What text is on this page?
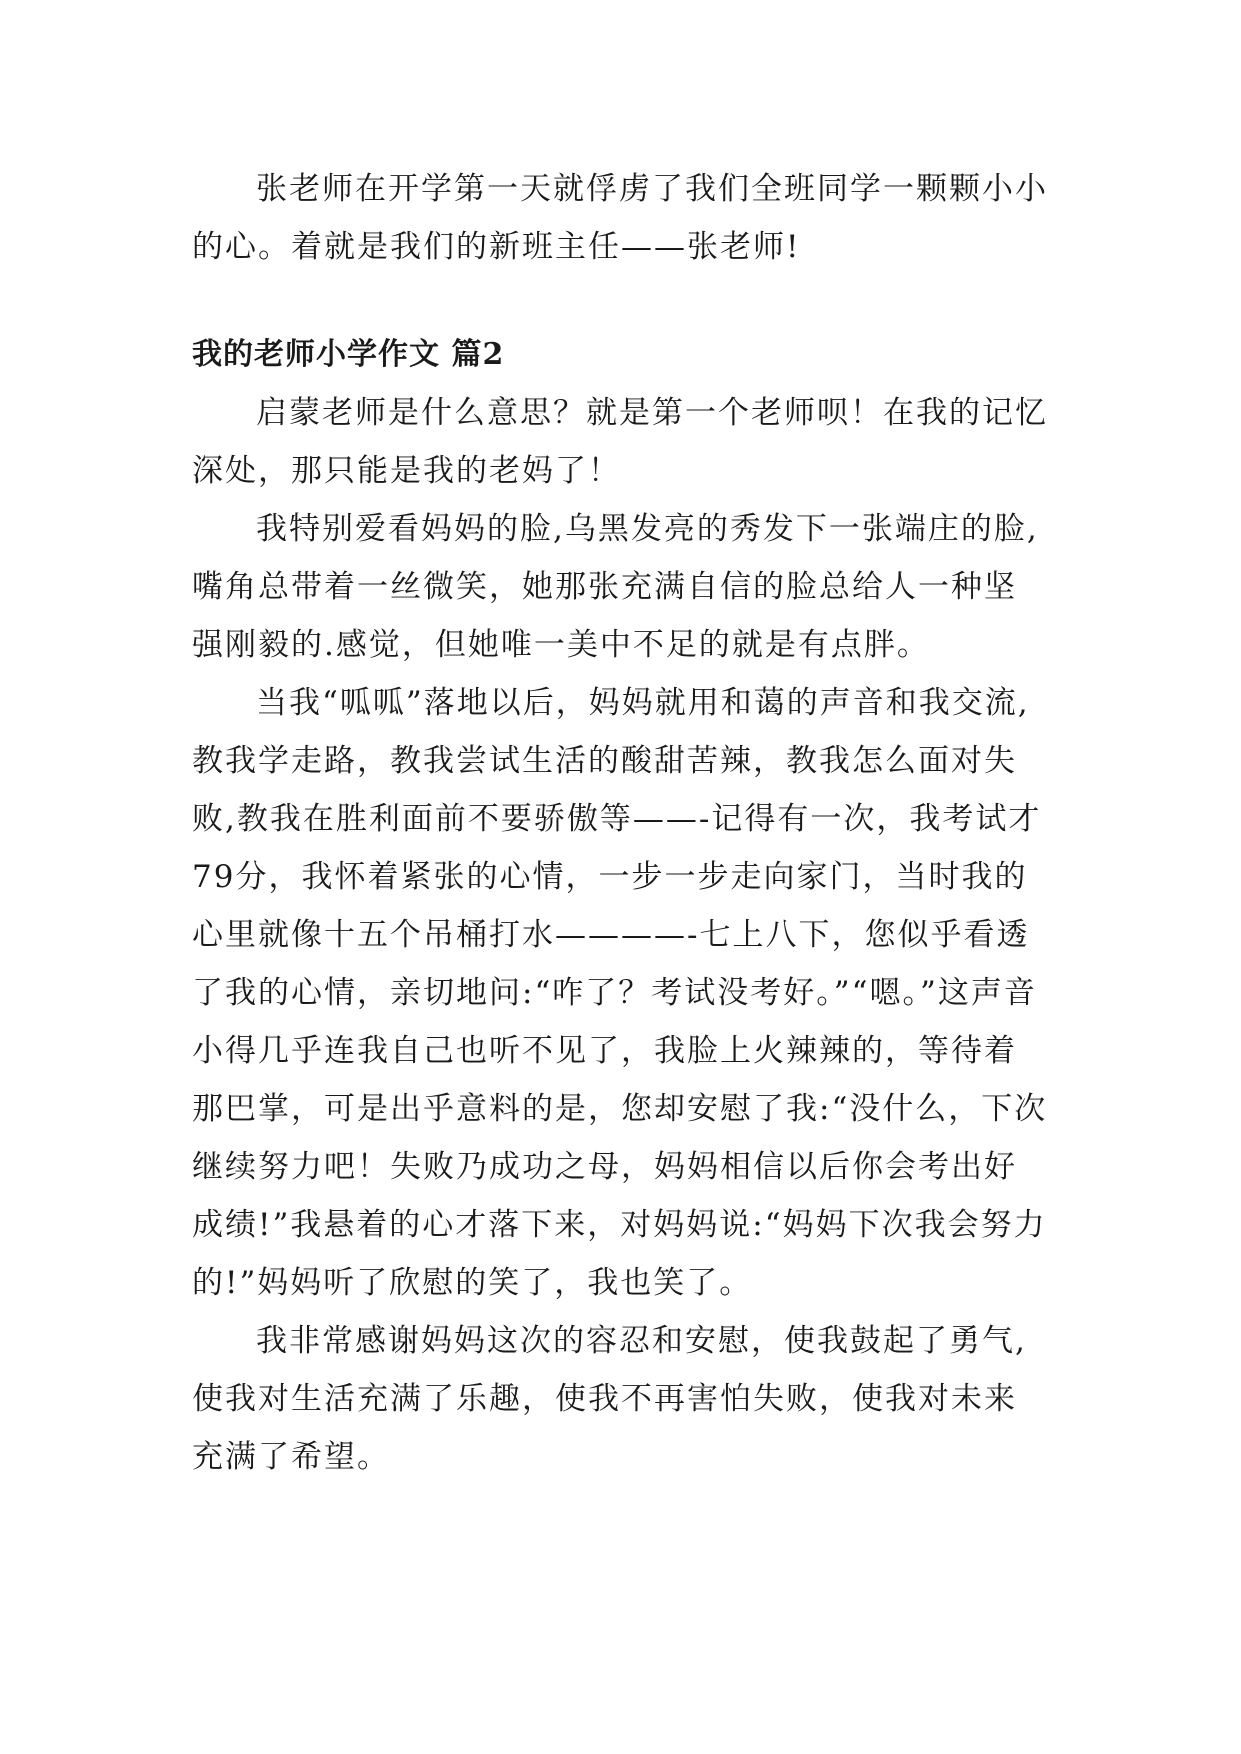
张老师在开学第一天就俘虏了我们全班同学一颗颗小小的心。着就是我们的新班主任——张老师!

我的老师小学作文 篇2

启蒙老师是什么意思？就是第一个老师呗！在我的记忆深处，那只能是我的老妈了！

我特别爱看妈妈的脸,乌黑发亮的秀发下一张端庄的脸,嘴角总带着一丝微笑，她那张充满自信的脸总给人一种坚强刚毅的.感觉，但她唯一美中不足的就是有点胖。

当我“呱呱”落地以后，妈妈就用和蔼的声音和我交流,教我学走路，教我尝试生活的酸甜苦辣，教我怎么面对失败,教我在胜利面前不要骄傲等——-记得有一次，我考试才79分，我怀着紧张的心情，一步一步走向家门，当时我的心里就像十五个吊桶打水————-七上八下，您似乎看透了我的心情，亲切地问:“咋了？考试没考好。”“嗯。”这声音小得几乎连我自己也听不见了，我脸上火辣辣的，等待着那巴掌，可是出乎意料的是，您却安慰了我:“没什么，下次继续努力吧！失败乃成功之母，妈妈相信以后你会考出好成绩!”我悬着的心才落下来，对妈妈说:“妈妈下次我会努力的!”妈妈听了欣慰的笑了，我也笑了。

我非常感谢妈妈这次的容忍和安慰，使我鼓起了勇气,使我对生活充满了乐趣，使我不再害怕失败，使我对未来充满了希望。
